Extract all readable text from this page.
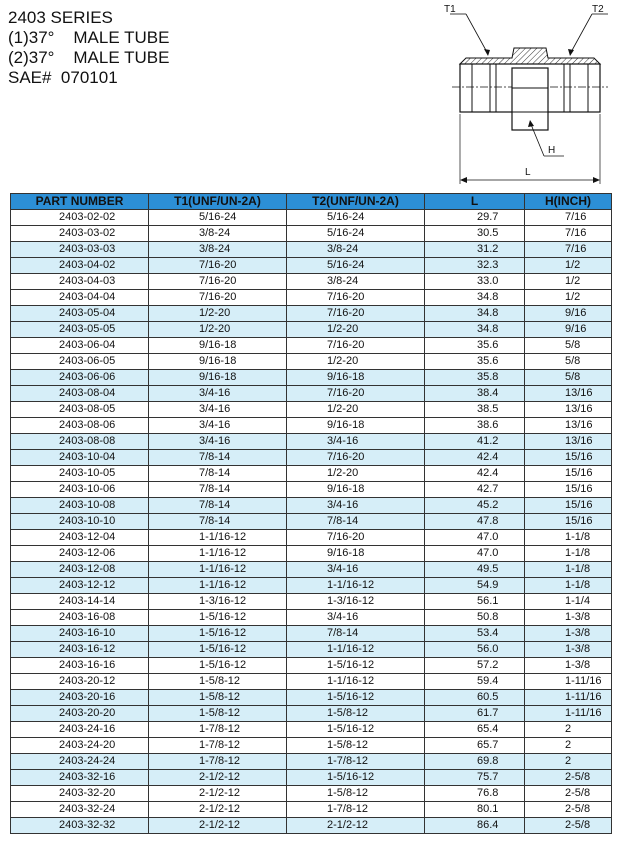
2403 SERIES
(1)37°    MALE TUBE
(2)37°    MALE TUBE
SAE#  070101
T1	T2
H
L
PART NUMBER	T1(UNF/UN-2A)	T2(UNF/UN-2A)	L	H(INCH)
2403-02-02	5/16-24	5/16-24	29.7	7/16
2403-03-02	3/8-24	5/16-24	30.5	7/16
2403-03-03	3/8-24	3/8-24	31.2	7/16
2403-04-02	7/16-20	5/16-24	32.3	1/2
2403-04-03	7/16-20	3/8-24	33.0	1/2
2403-04-04	7/16-20	7/16-20	34.8	1/2
2403-05-04	1/2-20	7/16-20	34.8	9/16
2403-05-05	1/2-20	1/2-20	34.8	9/16
2403-06-04	9/16-18	7/16-20	35.6	5/8
2403-06-05	9/16-18	1/2-20	35.6	5/8
2403-06-06	9/16-18	9/16-18	35.8	5/8
2403-08-04	3/4-16	7/16-20	38.4	13/16
2403-08-05	3/4-16	1/2-20	38.5	13/16
2403-08-06	3/4-16	9/16-18	38.6	13/16
2403-08-08	3/4-16	3/4-16	41.2	13/16
2403-10-04	7/8-14	7/16-20	42.4	15/16
2403-10-05	7/8-14	1/2-20	42.4	15/16
2403-10-06	7/8-14	9/16-18	42.7	15/16
2403-10-08	7/8-14	3/4-16	45.2	15/16
2403-10-10	7/8-14	7/8-14	47.8	15/16
2403-12-04	1-1/16-12	7/16-20	47.0	1-1/8
2403-12-06	1-1/16-12	9/16-18	47.0	1-1/8
2403-12-08	1-1/16-12	3/4-16	49.5	1-1/8
2403-12-12	1-1/16-12	1-1/16-12	54.9	1-1/8
2403-14-14	1-3/16-12	1-3/16-12	56.1	1-1/4
2403-16-08	1-5/16-12	3/4-16	50.8	1-3/8
2403-16-10	1-5/16-12	7/8-14	53.4	1-3/8
2403-16-12	1-5/16-12	1-1/16-12	56.0	1-3/8
2403-16-16	1-5/16-12	1-5/16-12	57.2	1-3/8
2403-20-12	1-5/8-12	1-1/16-12	59.4	1-11/16
2403-20-16	1-5/8-12	1-5/16-12	60.5	1-11/16
2403-20-20	1-5/8-12	1-5/8-12	61.7	1-11/16
2403-24-16	1-7/8-12	1-5/16-12	65.4	2
2403-24-20	1-7/8-12	1-5/8-12	65.7	2
2403-24-24	1-7/8-12	1-7/8-12	69.8	2
2403-32-16	2-1/2-12	1-5/16-12	75.7	2-5/8
2403-32-20	2-1/2-12	1-5/8-12	76.8	2-5/8
2403-32-24	2-1/2-12	1-7/8-12	80.1	2-5/8
2403-32-32	2-1/2-12	2-1/2-12	86.4	2-5/8
